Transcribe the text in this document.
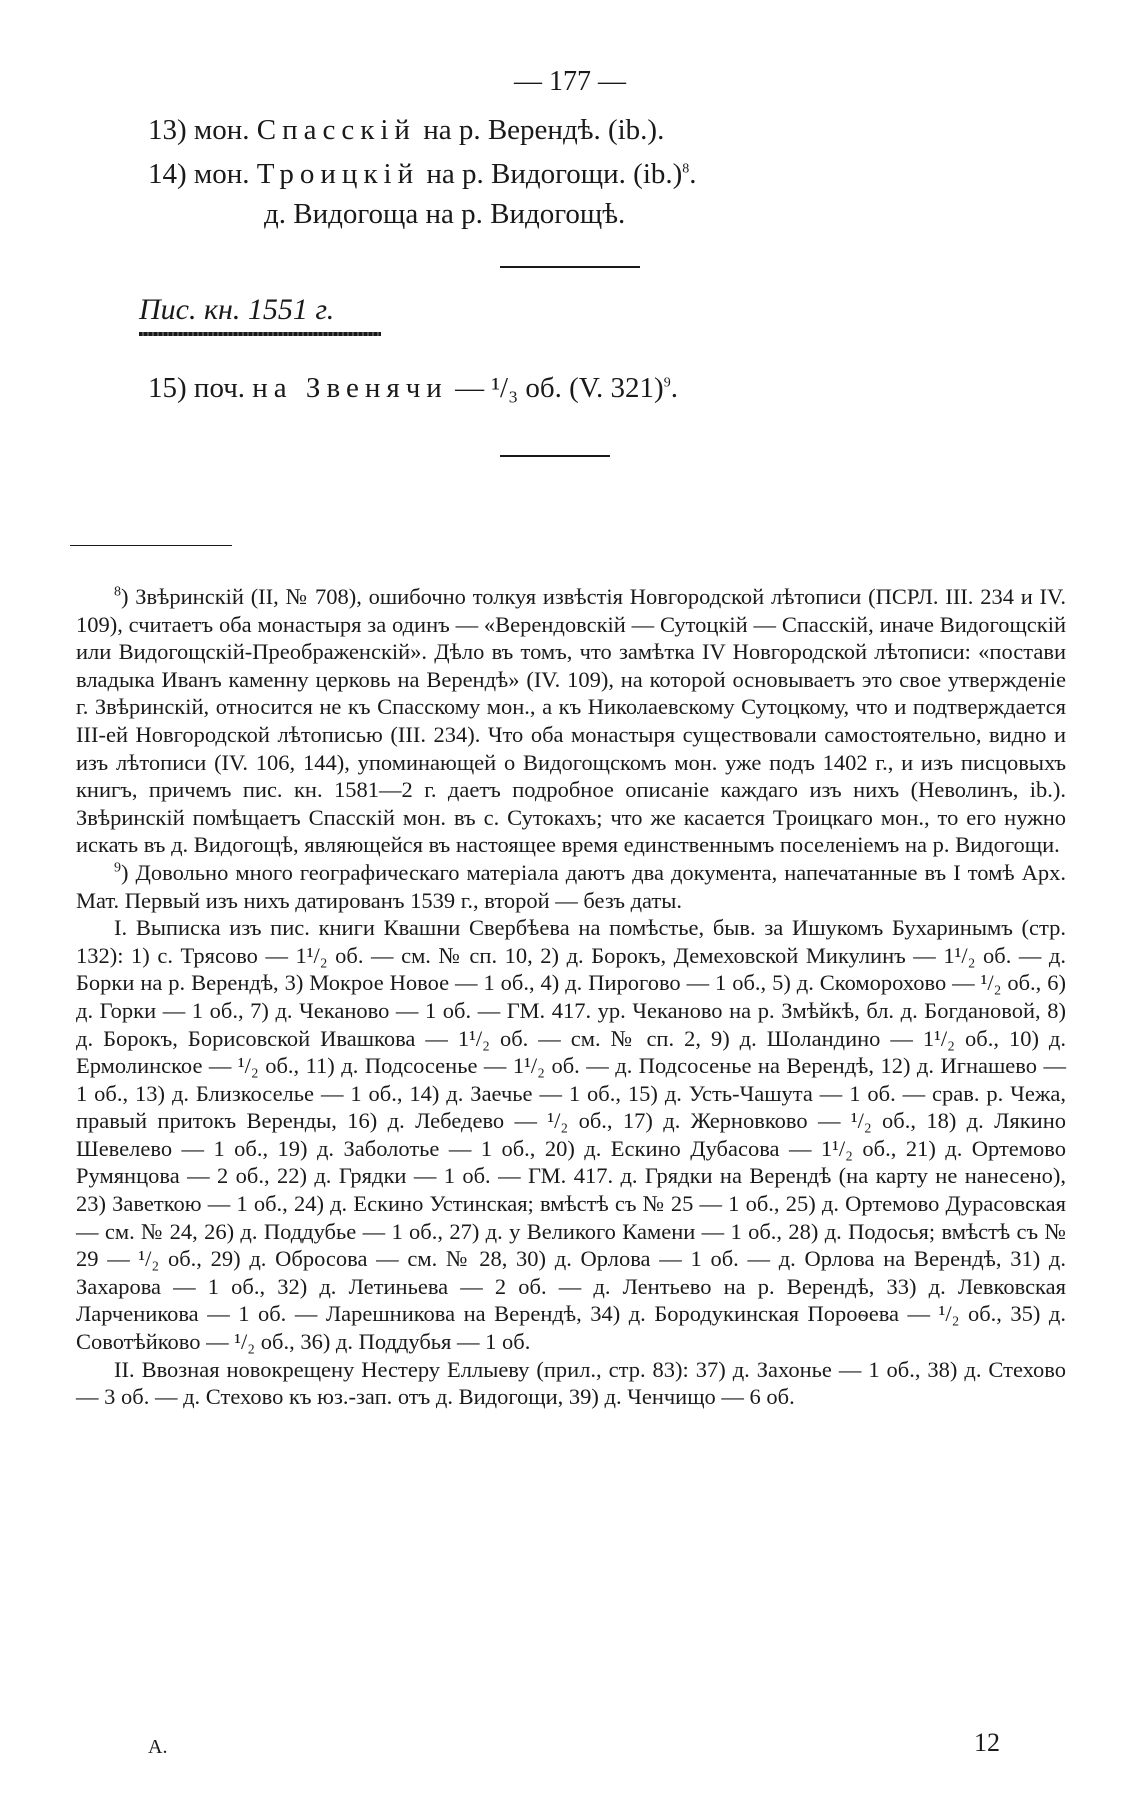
— 177 —
13) мон. Спасскій на р. Верендѣ. (ib.).
14) мон. Троицкій на р. Видогощи. $(ib.)^8$.
д. Видогоща на р. Видогощѣ.
Пис. кн. 1551 г.
15) поч. на Звенячи — ¹/₃ об. (V. 321)$^9$.

$^8$) Звѣринскій (II, № 708), ошибочно толкуя извѣстія Новгородской лѣтописи (ПСРЛ. III. 234 и IV. 109), считаетъ оба монастыря за одинъ — «Верендовскій — Сутоцкій — Спасскій, иначе Видогощскій или Видогощскій-Преображенскій». Дѣло въ томъ, что замѣтка IV Новгородской лѣтописи: «постави владыка Иванъ каменну церковь на Верендѣ» (IV. 109), на которой основываетъ это свое утвержденіе г. Звѣринскій, относится не къ Спасскому мон., а къ Николаевскому Сутоцкому, что и подтверждается III-ей Новгородской лѣтописью (III. 234). Что оба монастыря существовали самостоятельно, видно и изъ лѣтописи (IV. 106, 144), упоминающей о Видогощскомъ мон. уже подъ 1402 г., и изъ писцовыхъ книгъ, причемъ пис. кн. 1581—2 г. даетъ подробное описаніе каждаго изъ нихъ (Неволинъ, ib.). Звѣринскій помѣщаетъ Спасскій мон. въ с. Сутокахъ; что же касается Троицкаго мон., то его нужно искать въ д. Видогощѣ, являющейся въ настоящее время единственнымъ поселеніемъ на р. Видогощи.

$^9$) Довольно много географическаго матеріала даютъ два документа, напечатанные въ I томѣ Арх. Мат. Первый изъ нихъ датированъ 1539 г., второй — безъ даты.

I. Выписка изъ пис. книги Квашни Свербѣева на помѣстье, быв. за Ишукомъ Бухаринымъ (стр. 132): 1) с. Трясово — 1¹/₂ об. — см. № сп. 10, 2) д. Борокъ, Демеховской Микулинъ — 1¹/₂ об. — д. Борки на р. Верендѣ, 3) Мокрое Новое — 1 об., 4) д. Пирогово — 1 об., 5) д. Скоморохово — ¹/₂ об., 6) д. Горки — 1 об., 7) д. Чеканово — 1 об. — ГМ. 417. ур. Чеканово на р. Змѣйкѣ, бл. д. Богдановой, 8) д. Борокъ, Борисовской Ивашкова — 1¹/₂ об. — см. № сп. 2, 9) д. Шоландино — 1¹/₂ об., 10) д. Ермолинское — ¹/₂ об., 11) д. Подсосенье — 1¹/₂ об. — д. Подсосенье на Верендѣ, 12) д. Игнашево — 1 об., 13) д. Близкоселье — 1 об., 14) д. Заечье — 1 об., 15) д. Усть-Чашута — 1 об. — срав. р. Чежа, правый притокъ Веренды, 16) д. Лебедево — ¹/₂ об., 17) д. Жерновково — ¹/₂ об., 18) д. Лякино Шевелево — 1 об., 19) д. Заболотье — 1 об., 20) д. Ескино Дубасова — 1¹/₂ об., 21) д. Ортемово Румянцова — 2 об., 22) д. Грядки — 1 об. — ГМ. 417. д. Грядки на Верендѣ (на карту не нанесено), 23) Заветкою — 1 об., 24) д. Ескино Устинская; вмѣстѣ съ № 25 — 1 об., 25) д. Ортемово Дурасовская — см. № 24, 26) д. Поддубье — 1 об., 27) д. у Великого Камени — 1 об., 28) д. Подосья; вмѣстѣ съ № 29 — ¹/₂ об., 29) д. Обросова — см. № 28, 30) д. Орлова — 1 об. — д. Орлова на Верендѣ, 31) д. Захарова — 1 об., 32) д. Летиньева — 2 об. — д. Лентьево на р. Верендѣ, 33) д. Левковская Ларченикова — 1 об. — Ларешникова на Верендѣ, 34) д. Бородукинская Пороѳева — ¹/₂ об., 35) д. Совотѣйково — ¹/₂ об., 36) д. Поддубья — 1 об.

II. Ввозная новокрещену Нестеру Еллыеву (прил., стр. 83): 37) д. Захонье — 1 об., 38) д. Стехово — 3 об. — д. Стехово къ юз.-зап. отъ д. Видогощи, 39) д. Ченчищо — 6 об.

A.	12
